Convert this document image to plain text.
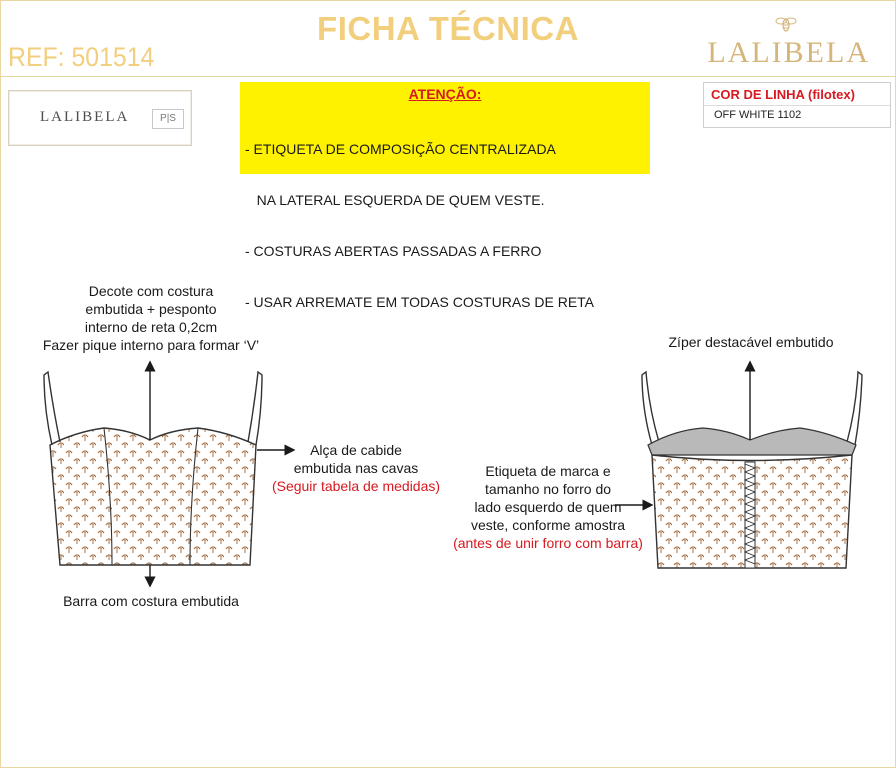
FICHA TÉCNICA
REF: 501514	LALIBELA
LALIBELA	P|S
ATENÇÃO:

- ETIQUETA DE COMPOSIÇÃO CENTRALIZADA

NA LATERAL ESQUERDA DE QUEM VESTE.

- COSTURAS ABERTAS PASSADAS A FERRO

- USAR ARREMATE EM TODAS COSTURAS DE RETA

COR DE LINHA (filotex)
OFF WHITE 1102
Decote com costura
embutida + pesponto
interno de reta 0,2cm
Fazer pique interno para formar ‘V’
Alça de cabide
embutida nas cavas
(Seguir tabela de medidas)
Barra com costura embutida
Zíper destacável embutido
Etiqueta de marca e
tamanho no forro do
lado esquerdo de quem
veste, conforme amostra
(antes de unir forro com barra)
